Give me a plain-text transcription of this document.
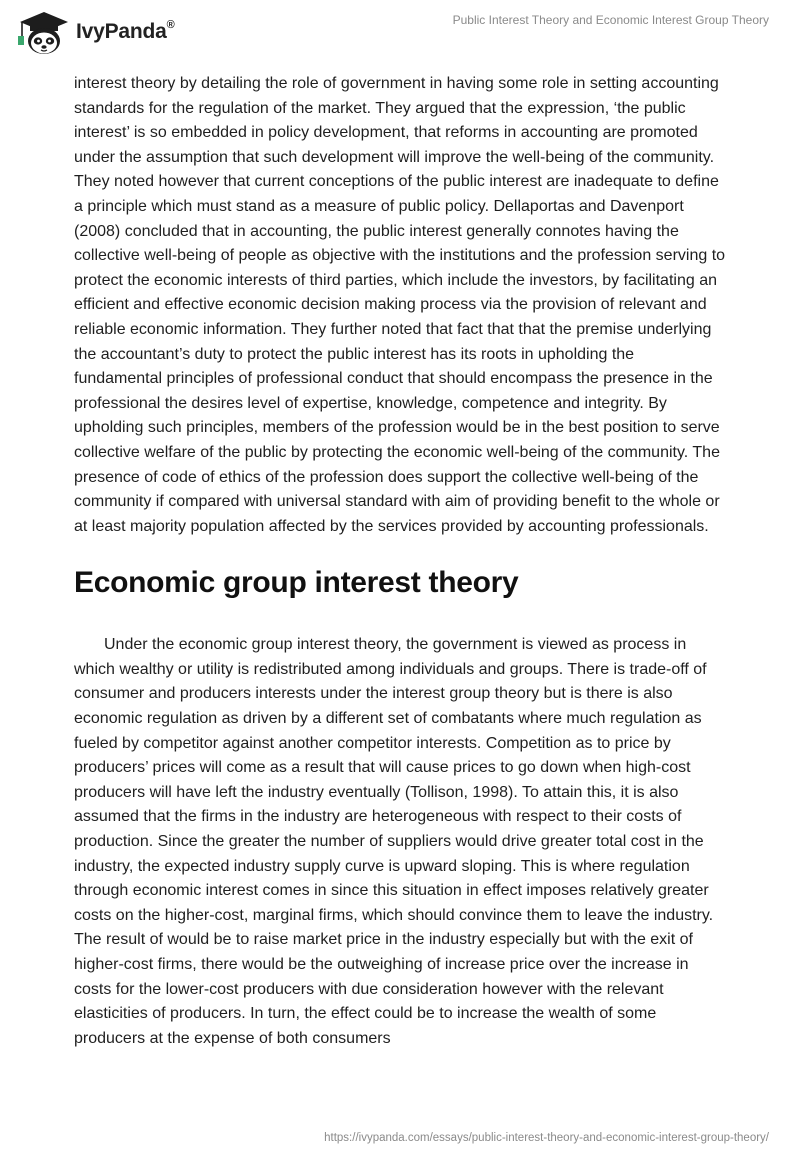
IvyPanda®	Public Interest Theory and Economic Interest Group Theory

interest theory by detailing the role of government in having some role in setting accounting standards for the regulation of the market. They argued that the expression, ‘the public interest’ is so embedded in policy development, that reforms in accounting are promoted under the assumption that such development will improve the well-being of the community. They noted however that current conceptions of the public interest are inadequate to define a principle which must stand as a measure of public policy. Dellaportas and Davenport (2008) concluded that in accounting, the public interest generally connotes having the collective well-being of people as objective with the institutions and the profession serving to protect the economic interests of third parties, which include the investors, by facilitating an efficient and effective economic decision making process via the provision of relevant and reliable economic information. They further noted that fact that that the premise underlying the accountant’s duty to protect the public interest has its roots in upholding the fundamental principles of professional conduct that should encompass the presence in the professional the desires level of expertise, knowledge, competence and integrity. By upholding such principles, members of the profession would be in the best position to serve collective welfare of the public by protecting the economic well-being of the community. The presence of code of ethics of the profession does support the collective well-being of the community if compared with universal standard with aim of providing benefit to the whole or at least majority population affected by the services provided by accounting professionals.

Economic group interest theory

Under the economic group interest theory, the government is viewed as process in which wealthy or utility is redistributed among individuals and groups. There is trade-off of consumer and producers interests under the interest group theory but is there is also economic regulation as driven by a different set of combatants where much regulation as fueled by competitor against another competitor interests. Competition as to price by producers’ prices will come as a result that will cause prices to go down when high-cost producers will have left the industry eventually (Tollison, 1998). To attain this, it is also assumed that the firms in the industry are heterogeneous with respect to their costs of production. Since the greater the number of suppliers would drive greater total cost in the industry, the expected industry supply curve is upward sloping. This is where regulation through economic interest comes in since this situation in effect imposes relatively greater costs on the higher-cost, marginal firms, which should convince them to leave the industry. The result of would be to raise market price in the industry especially but with the exit of higher-cost firms, there would be the outweighing of increase price over the increase in costs for the lower-cost producers with due consideration however with the relevant elasticities of producers. In turn, the effect could be to increase the wealth of some producers at the expense of both consumers

https://ivypanda.com/essays/public-interest-theory-and-economic-interest-group-theory/
